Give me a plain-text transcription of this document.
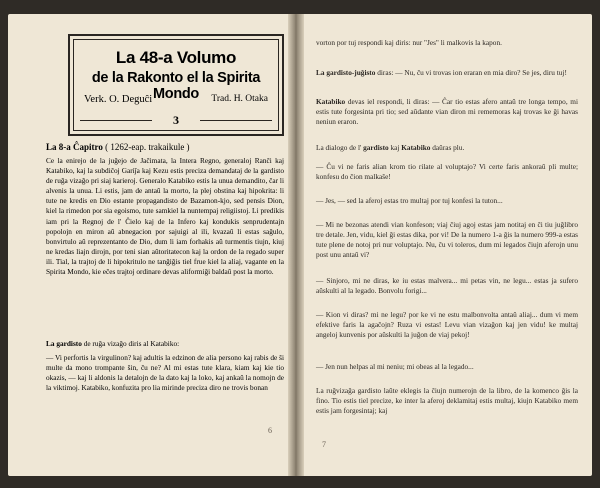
La 48-a Volumo
de la Rakonto el la Spirita Mondo
Verk. O. Deguĉi	Trad. H. Otaka
3
La 8-a Ĉapitro ( 1262-eap. trakaikule )
Ce la enirejo de la juĝejo de Jaĉimata, la Intera Regno, generaloj Ranĉi kaj Katabiko, kaj la subdiĉoj Gariĵa kaj Kezu estis preciza demandataj de la gardisto de ruĝa vizaĝo pri siaj karieroj. Generalo Katabiko estis la unua demandito, ĉar li alvenis la unua. Li estis, jam de antaŭ la morto, la plej obstina kaj hipokrita: li tute ne kredis en Dio estante propagandisto de Bazamon-kjo, sed pensis Dion, kiel la rimedon por sia egoismo, tute samkiel la nuntempaj religiistoj. Li predikis iam pri la Regnoj de l' Ĉielo kaj de la Infero kaj kondukis senprudentajn popolojn en mirоn aŭ abnegacion por sajuigi al ili, kvazaŭ li estas saĝulo, bonvirtulo aŭ reprezentanto de Dio, dum li iam forhakis aŭ turmentis tiujn, kiuj ne kredas liajn dirojn, por teni sian aŭtoritatecon kaj la ordon de la regado super ili. Tial, la trajtoj de li hipokritulo ne tanĝiĝis tiel frue kiel la aliaj, vagante en la Spirita Mondo, kie eĉes trajtoj ordinare devas aliformiĝi baldaŭ post la morto.
La gardisto de ruĝa vizaĝo diris al Katabiko:
— Vi perfortis la virgulinon? kaj adultis la edzinon de alia persono kaj rabis de ŝi multe da mono trompante ŝin, ĉu ne? Al mi estas tute klara, kiam kaj kie tio okazis, — kaj li aldonis la detalojn de la dato kaj la loko, kaj ankaŭ la nomojn de la viktimoj. Katabiko, konfuzita pro lia mirinde preciza diro ne trovis bonan
6
vorton por tuj respondi kaj diris: nur "Jes" li malkovis la kapon.
La gardisto-juĝisto diras: — Nu, ĉu vi trovas ion eraran en mia diro? Se jes, diru tuj!
Katabiko devas iel respondi, li diras: — Ĉar tio estas afero antaŭ tre longa tempo, mi estis tute forgesinta pri tio; sed aŭdante vian diron mi rememoras kaj trovas ke ĝi havas neniun eraron.
La dialogo de l' gardisto kaj Katabiko daŭras plu.
— Ĉu vi ne faris alian krom tio rilate al voluptajo? Vi certe faris ankoraŭ pli multe; konfesu do ĉion malkaŝe!
— Jes, — sed la aferoj estas tro multaj por tuj konfesi la tuton...
— Mi ne bezonas atendi vian konfeson; viaj ĉiuj agoj estas jam notitaj en ĉi tiu juĝlibro tre detale. Jen, vidu, kiel ĝi estas dika, por vi! De la numero 1-a ĝis la numero 999-a estas tute plene de notoj pri nur voluptajo. Nu, ĉu vi toleros, dum mi legados ĉiujn aferojn unu post unu antaŭ vi?
— Sinjoro, mi ne diras, ke iu estas malvera... mi petas vin, ne legu... estas ja sufero aŭskulti al la legado. Bonvolu forigi...
— Kion vi diras? mi ne legu? por ke vi ne estu malbonvolta antaŭ aliaj... dum vi mem efektive faris la agaĉojn? Ruza vi estas! Levu vian vizaĝon kaj jen vidu! ke multaj angeloj kunvenis por aŭskulti la juĝon de viaj pekoj!
— Jen nun helpas al mi neniu; mi obeas al la legado...
La ruĝvizaĝa gardisto laŭte eklegis la ĉiujn numerojn de la libro, de la komenco ĝis la fino. Tio estis tiel precize, ke inter la aferoj deklamitaj estis multaj, kiujn Katabiko mem estis jam forgesintaj; kaj
7
